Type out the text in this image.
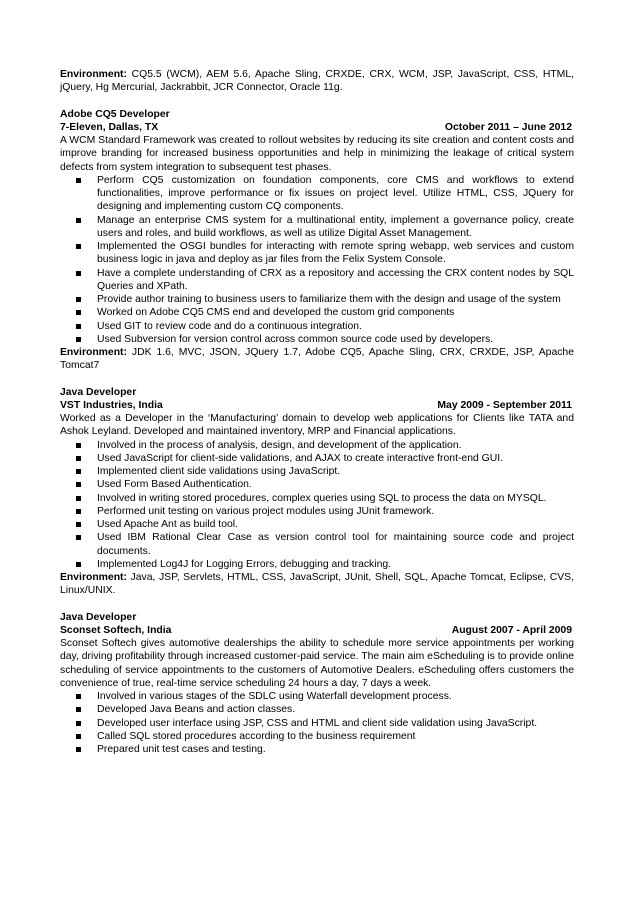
Environment: CQ5.5 (WCM), AEM 5.6, Apache Sling, CRXDE, CRX, WCM, JSP, JavaScript, CSS, HTML, jQuery, Hg Mercurial, Jackrabbit, JCR Connector, Oracle 11g.

Adobe CQ5 Developer
7-Eleven, Dallas, TX	October 2011 – June 2012

A WCM Standard Framework was created to rollout websites by reducing its site creation and content costs and improve branding for increased business opportunities and help in minimizing the leakage of critical system defects from system integration to subsequent test phases.

Perform CQ5 customization on foundation components, core CMS and workflows to extend functionalities, improve performance or fix issues on project level. Utilize HTML, CSS, JQuery for designing and implementing custom CQ components.
Manage an enterprise CMS system for a multinational entity, implement a governance policy, create users and roles, and build workflows, as well as utilize Digital Asset Management.
Implemented the OSGI bundles for interacting with remote spring webapp, web services and custom business logic in java and deploy as jar files from the Felix System Console.
Have a complete understanding of CRX as a repository and accessing the CRX content nodes by SQL Queries and XPath.
Provide author training to business users to familiarize them with the design and usage of the system
Worked on Adobe CQ5 CMS end and developed the custom grid components
Used GIT to review code and do a continuous integration.
Used Subversion for version control across common source code used by developers.

Environment: JDK 1.6, MVC, JSON, JQuery 1.7, Adobe CQ5, Apache Sling, CRX, CRXDE, JSP, Apache Tomcat7

Java Developer
VST Industries, India	May 2009 - September 2011

Worked as a Developer in the ‘Manufacturing’ domain to develop web applications for Clients like TATA and Ashok Leyland. Developed and maintained inventory, MRP and Financial applications.

Involved in the process of analysis, design, and development of the application.
Used JavaScript for client-side validations, and AJAX to create interactive front-end GUI.
Implemented client side validations using JavaScript.
Used Form Based Authentication.
Involved in writing stored procedures, complex queries using SQL to process the data on MYSQL.
Performed unit testing on various project modules using JUnit framework.
Used Apache Ant as build tool.
Used IBM Rational Clear Case as version control tool for maintaining source code and project documents.
Implemented Log4J for Logging Errors, debugging and tracking.

Environment: Java, JSP, Servlets, HTML, CSS, JavaScript, JUnit, Shell, SQL, Apache Tomcat, Eclipse, CVS, Linux/UNIX.

Java Developer
Sconset Softech, India	August 2007 - April 2009

Sconset Softech gives automotive dealerships the ability to schedule more service appointments per working day, driving profitability through increased customer-paid service. The main aim eScheduling is to provide online scheduling of service appointments to the customers of Automotive Dealers. eScheduling offers customers the convenience of true, real-time service scheduling 24 hours a day, 7 days a week.

Involved in various stages of the SDLC using Waterfall development process.
Developed Java Beans and action classes.
Developed user interface using JSP, CSS and HTML and client side validation using JavaScript.
Called SQL stored procedures according to the business requirement
Prepared unit test cases and testing.
